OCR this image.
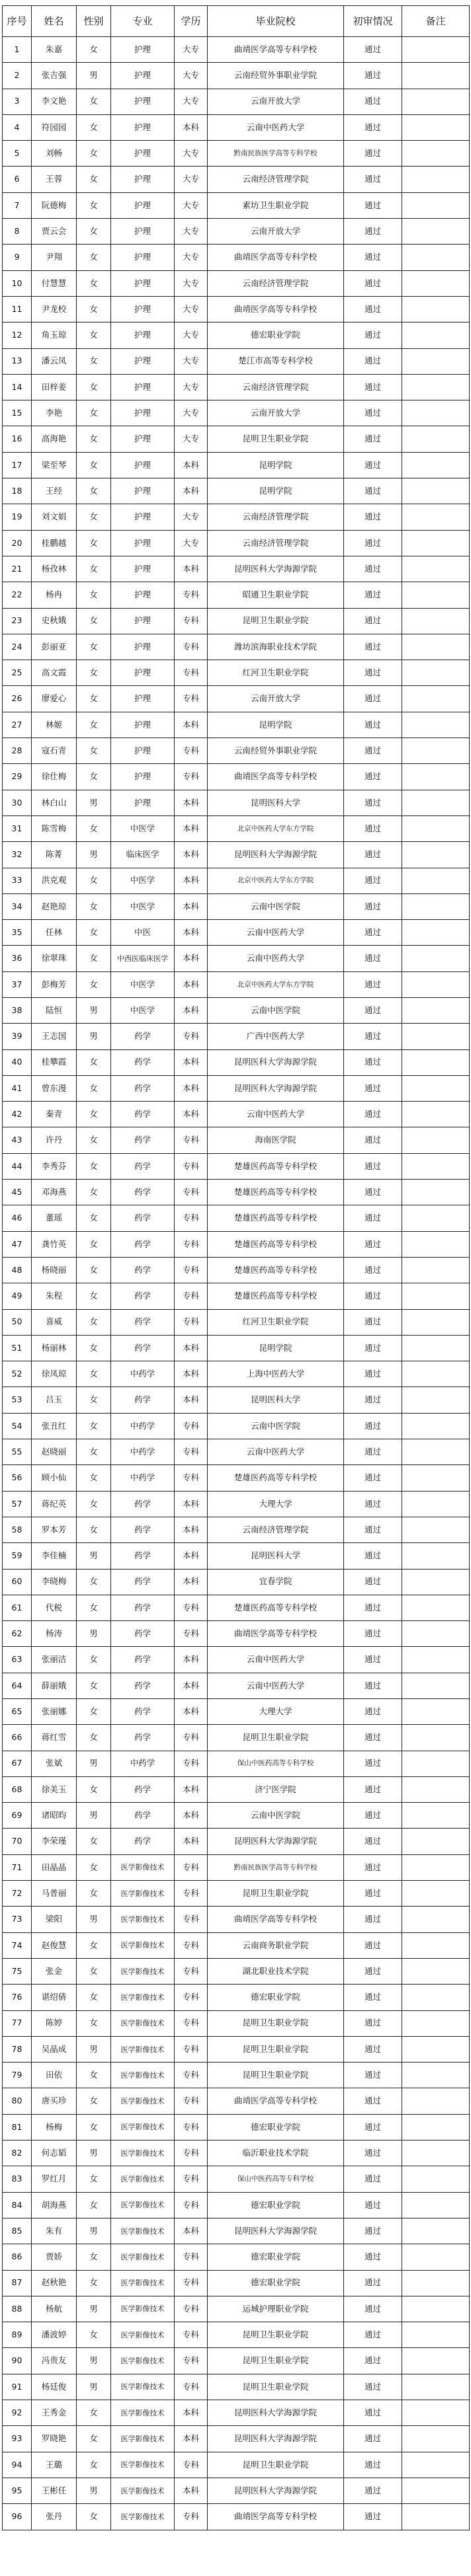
序号	姓名	性别	专业	学历	毕业院校	初审情况	备注
1	朱嘉	女	护理	大专	曲靖医学高等专科学校	通过	
2	张吉强	男	护理	大专	云南经贸外事职业学院	通过	
3	李文艳	女	护理	大专	云南开放大学	通过	
4	符园园	女	护理	本科	云南中医药大学	通过	
5	刘畅	女	护理	大专	黔南民族医学高等专科学校	通过	
6	王蓉	女	护理	大专	云南经济管理学院	通过	
7	阮德梅	女	护理	大专	素坊卫生职业学院	通过	
8	贾云会	女	护理	大专	云南开放大学	通过	
9	尹翔	女	护理	大专	曲靖医学高等专科学校	通过	
10	付慧慧	女	护理	大专	云南经济管理学院	通过	
11	尹龙校	女	护理	大专	曲靖医学高等专科学校	通过	
12	角玉琼	女	护理	大专	德宏职业学院	通过	
13	潘云凤	女	护理	大专	楚江市高等专科学校	通过	
14	田梓姜	女	护理	大专	云南经济管理学院	通过	
15	李艳	女	护理	大专	云南开放大学	通过	
16	高海艳	女	护理	大专	昆明卫生职业学院	通过	
17	梁至琴	女	护理	本科	昆明学院	通过	
18	王经	女	护理	本科	昆明学院	通过	
19	刘文娟	女	护理	大专	云南经济管理学院	通过	
20	桂鹏越	女	护理	大专	云南经济管理学院	通过	
21	杨孜林	女	护理	本科	昆明医科大学海源学院	通过	
22	杨冉	女	护理	专科	昭通卫生职业学院	通过	
23	史秋娥	女	护理	专科	昆明卫生职业学院	通过	
24	彭丽亚	女	护理	专科	潍坊滨海职业技术学院	通过	
25	高文霞	女	护理	专科	红河卫生职业学院	通过	
26	廖爱心	女	护理	专科	云南开放大学	通过	
27	林姬	女	护理	本科	昆明学院	通过	
28	寇石青	女	护理	专科	云南经贸外事职业学院	通过	
29	徐仕梅	女	护理	专科	曲靖医学高等专科学校	通过	
30	林白山	男	护理	本科	昆明医科大学	通过	
31	陈雪梅	女	中医学	本科	北京中医药大学东方学院	通过	
32	陈菁	男	临床医学	本科	昆明医科大学海源学院	通过	
33	洪克观	女	中医学	本科	北京中医药大学东方学院	通过	
34	赵艳琼	女	中医学	本科	云南中医学院	通过	
35	任林	女	中医	本科	云南中医药大学	通过	
36	徐翠珠	女	中西医临床医学	本科	云南中医药大学	通过	
37	彭梅芳	女	中医学	本科	北京中医药大学东方学院	通过	
38	陆恒	男	中医学	本科	云南中医学院	通过	
39	王志国	男	药学	专科	广西中医药大学	通过	
40	桂攀霞	女	药学	本科	昆明医科大学海源学院	通过	
41	曾东漫	女	药学	本科	昆明医科大学海源学院	通过	
42	秦青	女	药学	本科	云南中医药大学	通过	
43	许丹	女	药学	专科	海南医学院	通过	
44	李秀芬	女	药学	专科	楚雄医药高等专科学校	通过	
45	邓海燕	女	药学	专科	楚雄医药高等专科学校	通过	
46	董瑶	女	药学	专科	楚雄医药高等专科学校	通过	
47	龚竹英	女	药学	专科	楚雄医药高等专科学校	通过	
48	杨晓丽	女	药学	专科	楚雄医药高等专科学校	通过	
49	朱程	女	药学	专科	楚雄医药高等专科学校	通过	
50	喜威	女	药学	专科	红河卫生职业学院	通过	
51	杨丽林	女	药学	本科	昆明学院	通过	
52	徐凤琼	女	中药学	本科	上海中医药大学	通过	
53	吕玉	女	药学	本科	昆明医科大学	通过	
54	张丑红	女	中药学	专科	云南中医学院	通过	
55	赵晓丽	女	中药学	专科	云南中医药大学	通过	
56	顾小仙	女	中药学	专科	楚雄医药高等专科学校	通过	
57	蒋纪英	女	药学	本科	大理大学	通过	
58	罗本芳	女	药学	本科	云南经济管理学院	通过	
59	李佳楠	男	药学	本科	昆明医科大学	通过	
60	李晓梅	女	药学	本科	宜春学院	通过	
61	代税	女	药学	专科	楚雄医药高等专科学校	通过	
62	杨涛	男	药学	专科	曲靖医学高等专科学校	通过	
63	张丽洁	女	药学	本科	云南中医药大学	通过	
64	薛丽娥	女	药学	本科	云南中医药大学	通过	
65	张丽娜	女	药学	本科	大理大学	通过	
66	蒋红雪	女	药学	专科	昆明卫生职业学院	通过	
67	张斌	男	中药学	专科	保山中医药高等专科学校	通过	
68	徐美玉	女	药学	本科	济宁医学院	通过	
69	诸昭昀	男	药学	本科	云南中医学院	通过	
70	李荣瑾	女	药学	本科	昆明医科大学海源学院	通过	
71	田晶晶	女	医学影像技术	专科	黔南民族医学高等专科学校	通过	
72	马普丽	女	医学影像技术	专科	昆明卫生职业学院	通过	
73	梁阳	男	医学影像技术	专科	曲靖医学高等专科学校	通过	
74	赵俊慧	女	医学影像技术	专科	云南商务职业学院	通过	
75	张金	女	医学影像技术	专科	湖北职业技术学院	通过	
76	谌绍倩	女	医学影像技术	专科	德宏职业学院	通过	
77	陈婷	女	医学影像技术	专科	昆明卫生职业学院	通过	
78	吴晶成	男	医学影像技术	专科	昆明卫生职业学院	通过	
79	田依	女	医学影像技术	专科	昆明卫生职业学院	通过	
80	唐买珍	女	医学影像技术	专科	曲靖医学高等专科学校	通过	
81	杨梅	女	医学影像技术	专科	德宏职业学院	通过	
82	何志韬	男	医学影像技术	专科	临沂职业技术学院	通过	
83	罗红月	女	医学影像技术	专科	保山中医药高等专科学校	通过	
84	胡海燕	女	医学影像技术	专科	德宏职业学院	通过	
85	朱有	男	医学影像技术	本科	昆明医科大学海源学院	通过	
86	贾娇	女	医学影像技术	专科	德宏职业学院	通过	
87	赵秋艳	女	医学影像技术	专科	德宏职业学院	通过	
88	杨航	男	医学影像技术	专科	运城护理职业学院	通过	
89	潘波婷	女	医学影像技术	专科	昆明卫生职业学院	通过	
90	冯贵友	男	医学影像技术	专科	昆明卫生职业学院	通过	
91	杨廷俊	男	医学影像技术	专科	昆明卫生职业学院	通过	
92	王秀金	女	医学影像技术	本科	昆明医科大学海源学院	通过	
93	罗晓艳	女	医学影像技术	本科	昆明医科大学海源学院	通过	
94	王璐	女	医学影像技术	专科	昆明卫生职业学院	通过	
95	王彬任	男	医学影像技术	本科	昆明医科大学海源学院	通过	
96	张丹	女	医学影像技术	专科	曲靖医学高等专科学校	通过	
